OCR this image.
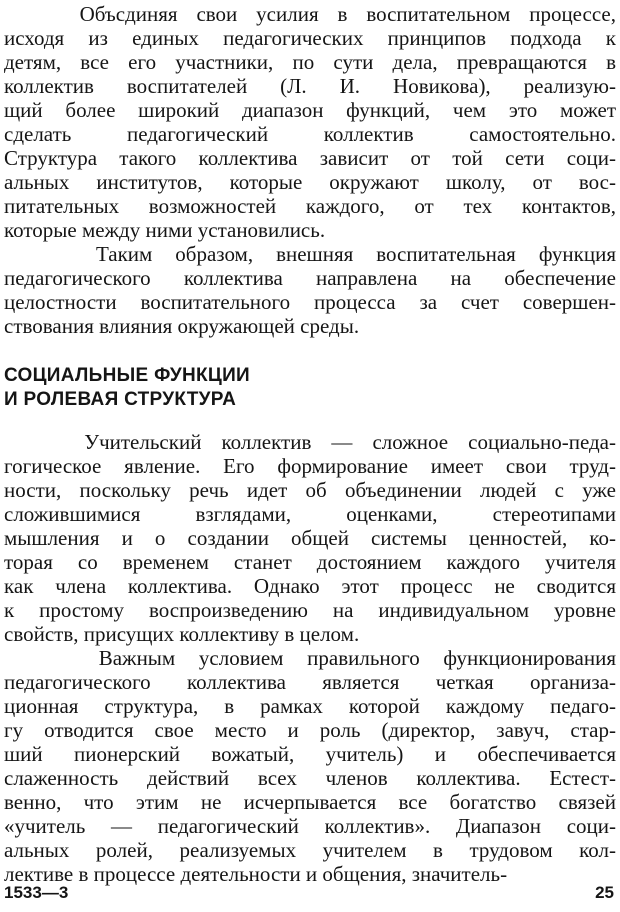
Объсдиняя свои усилия в воспитательном процессе,
исходя из единых педагогических принципов подхода к
детям, все его участники, по сути дела, превращаются в
коллектив воспитателей (Л. И. Новикова), реализую-
щий более широкий диапазон функций, чем это может
сделать педагогический коллектив самостоятельно.
Структура такого коллектива зависит от той сети соци-
альных институтов, которые окружают школу, от вос-
питательных возможностей каждого, от тех контактов,
которые между ними установились.
Таким образом, внешняя воспитательная функция
педагогического коллектива направлена на обеспечение
целостности воспитательного процесса за счет совершен-
ствования влияния окружающей среды.
Учительский коллектив — сложное социально-педа-
гогическое явление. Его формирование имеет свои труд-
ности, поскольку речь идет об объединении людей с уже
сложившимися взглядами, оценками, стереотипами
мышления и о создании общей системы ценностей, ко-
торая со временем станет достоянием каждого учителя
как члена коллектива. Однако этот процесс не сводится
к простому воспроизведению на индивидуальном уровне
свойств, присущих коллективу в целом.
Важным условием правильного функционирования
педагогического коллектива является четкая организа-
ционная структура, в рамках которой каждому педаго-
гу отводится свое место и роль (директор, завуч, стар-
ший пионерский вожатый, учитель) и обеспечивается
слаженность действий всех членов коллектива. Естест-
венно, что этим не исчерпывается все богатство связей
«учитель — педагогический коллектив». Диапазон соци-
альных ролей, реализуемых учителем в трудовом кол-
лективе в процессе деятельности и общения, значитель-
СОЦИАЛЬНЫЕ ФУНКЦИИ
И РОЛЕВАЯ СТРУКТУРА
1533—3	25
